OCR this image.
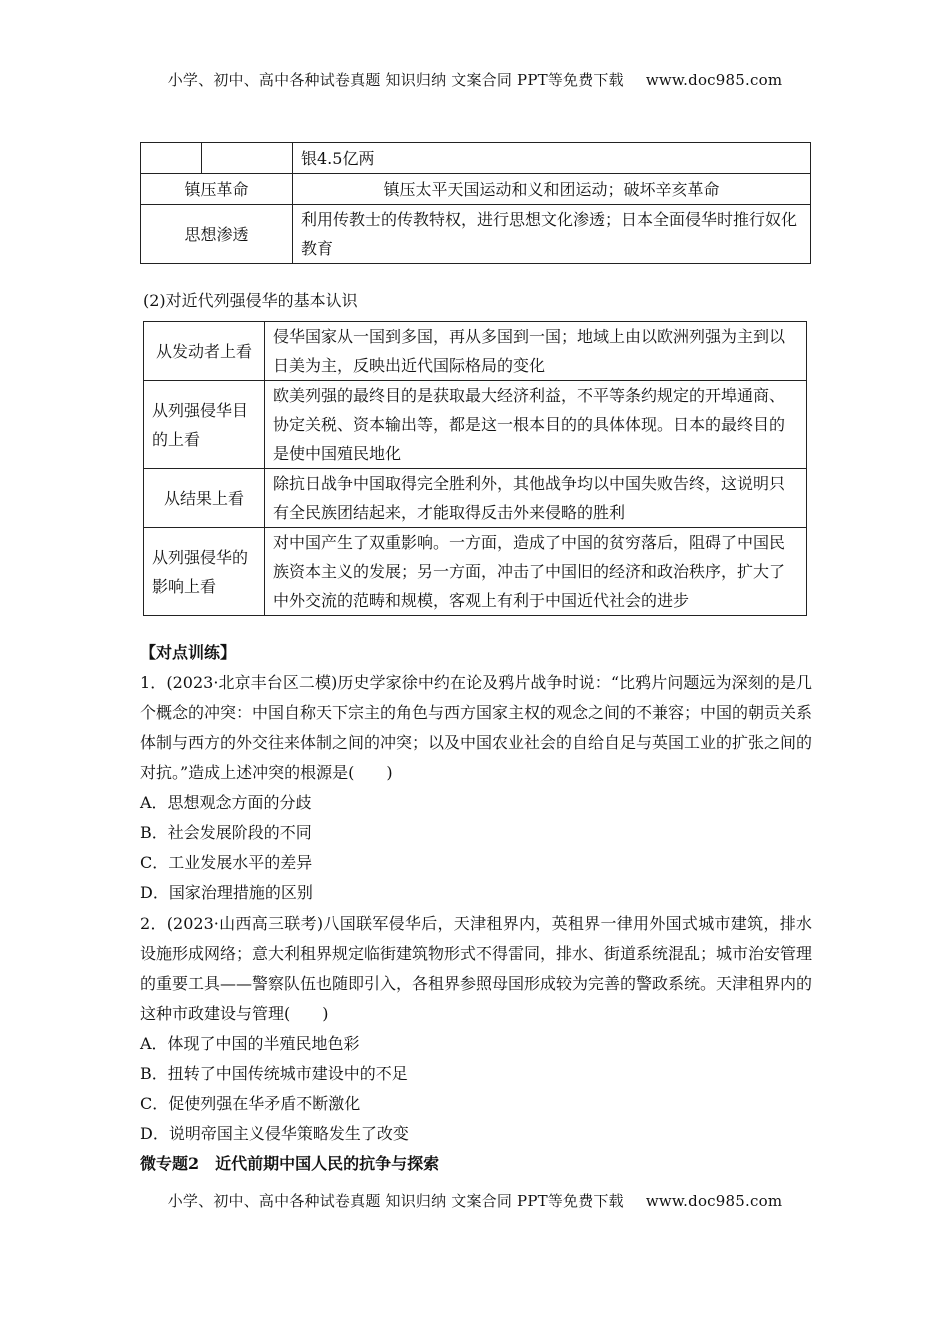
小学、初中、高中各种试卷真题 知识归纳 文案合同 PPT等免费下载 www.doc985.com
		银4.5亿两
镇压革命		镇压太平天国运动和义和团运动；破坏辛亥革命
思想渗透		利用传教士的传教特权，进行思想文化渗透；日本全面侵华时推行奴化教育
(2)对近代列强侵华的基本认识
从发动者上看	侵华国家从一国到多国，再从多国到一国；地域上由以欧洲列强为主到以日美为主，反映出近代国际格局的变化
从列强侵华目的上看	欧美列强的最终目的是获取最大经济利益，不平等条约规定的开埠通商、协定关税、资本输出等，都是这一根本目的的具体体现。日本的最终目的是使中国殖民地化
从结果上看	除抗日战争中国取得完全胜利外，其他战争均以中国失败告终，这说明只有全民族团结起来，才能取得反击外来侵略的胜利
从列强侵华的影响上看	对中国产生了双重影响。一方面，造成了中国的贫穷落后，阻碍了中国民族资本主义的发展；另一方面，冲击了中国旧的经济和政治秩序，扩大了中外交流的范畴和规模，客观上有利于中国近代社会的进步
【对点训练】
1．(2023·北京丰台区二模)历史学家徐中约在论及鸦片战争时说：“比鸦片问题远为深刻的是几个概念的冲突：中国自称天下宗主的角色与西方国家主权的观念之间的不兼容；中国的朝贡关系体制与西方的外交往来体制之间的冲突；以及中国农业社会的自给自足与英国工业的扩张之间的对抗。”造成上述冲突的根源是(　　)
A．思想观念方面的分歧
B．社会发展阶段的不同
C．工业发展水平的差异
D．国家治理措施的区别
2．(2023·山西高三联考)八国联军侵华后，天津租界内，英租界一律用外国式城市建筑，排水设施形成网络；意大利租界规定临街建筑物形式不得雷同，排水、街道系统混乱；城市治安管理的重要工具——警察队伍也随即引入，各租界参照母国形成较为完善的警政系统。天津租界内的这种市政建设与管理(　　)
A．体现了中国的半殖民地色彩
B．扭转了中国传统城市建设中的不足
C．促使列强在华矛盾不断激化
D．说明帝国主义侵华策略发生了改变
微专题2　近代前期中国人民的抗争与探索
小学、初中、高中各种试卷真题 知识归纳 文案合同 PPT等免费下载 www.doc985.com
